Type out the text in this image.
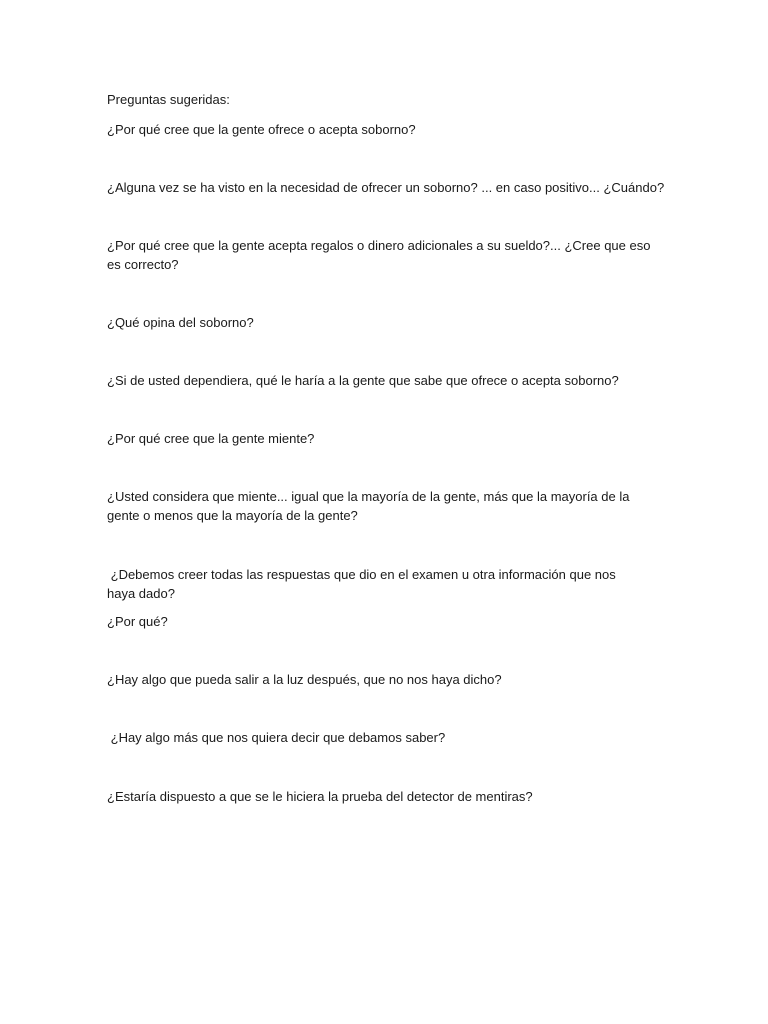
Preguntas sugeridas:
¿Por qué cree que la gente ofrece o acepta soborno?
¿Alguna vez se ha visto en la necesidad de ofrecer un soborno? ... en caso positivo... ¿Cuándo?
¿Por qué cree que la gente acepta regalos o dinero adicionales a su sueldo?... ¿Cree que eso es correcto?
¿Qué opina del soborno?
¿Si de usted dependiera, qué le haría a la gente que sabe que ofrece o acepta soborno?
¿Por qué cree que la gente miente?
¿Usted considera que miente... igual que la mayoría de la gente, más que la mayoría de la gente o menos que la mayoría de la gente?
¿Debemos creer todas las respuestas que dio en el examen u otra información que nos haya dado?
¿Por qué?
¿Hay algo que pueda salir a la luz después, que no nos haya dicho?
¿Hay algo más que nos quiera decir que debamos saber?
¿Estaría dispuesto a que se le hiciera la prueba del detector de mentiras?
